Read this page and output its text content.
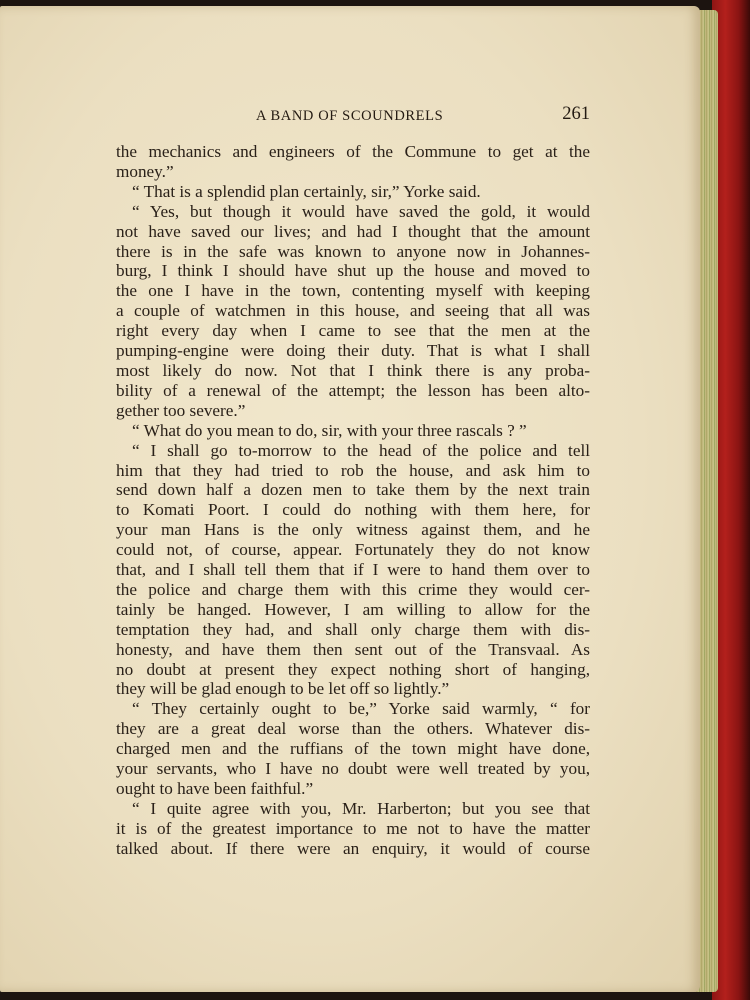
A BAND OF SCOUNDRELS	261
the mechanics and engineers of the Commune to get at the
money.”
“ That is a splendid plan certainly, sir,” Yorke said.
“ Yes, but though it would have saved the gold, it would
not have saved our lives; and had I thought that the amount
there is in the safe was known to anyone now in Johannes-
burg, I think I should have shut up the house and moved to
the one I have in the town, contenting myself with keeping
a couple of watchmen in this house, and seeing that all was
right every day when I came to see that the men at the
pumping-engine were doing their duty. That is what I shall
most likely do now. Not that I think there is any proba-
bility of a renewal of the attempt; the lesson has been alto-
gether too severe.”
“ What do you mean to do, sir, with your three rascals ? ”
“ I shall go to-morrow to the head of the police and tell
him that they had tried to rob the house, and ask him to
send down half a dozen men to take them by the next train
to Komati Poort. I could do nothing with them here, for
your man Hans is the only witness against them, and he
could not, of course, appear. Fortunately they do not know
that, and I shall tell them that if I were to hand them over to
the police and charge them with this crime they would cer-
tainly be hanged. However, I am willing to allow for the
temptation they had, and shall only charge them with dis-
honesty, and have them then sent out of the Transvaal. As
no doubt at present they expect nothing short of hanging,
they will be glad enough to be let off so lightly.”
“ They certainly ought to be,” Yorke said warmly, “ for
they are a great deal worse than the others. Whatever dis-
charged men and the ruffians of the town might have done,
your servants, who I have no doubt were well treated by you,
ought to have been faithful.”
“ I quite agree with you, Mr. Harberton; but you see that
it is of the greatest importance to me not to have the matter
talked about. If there were an enquiry, it would of course
